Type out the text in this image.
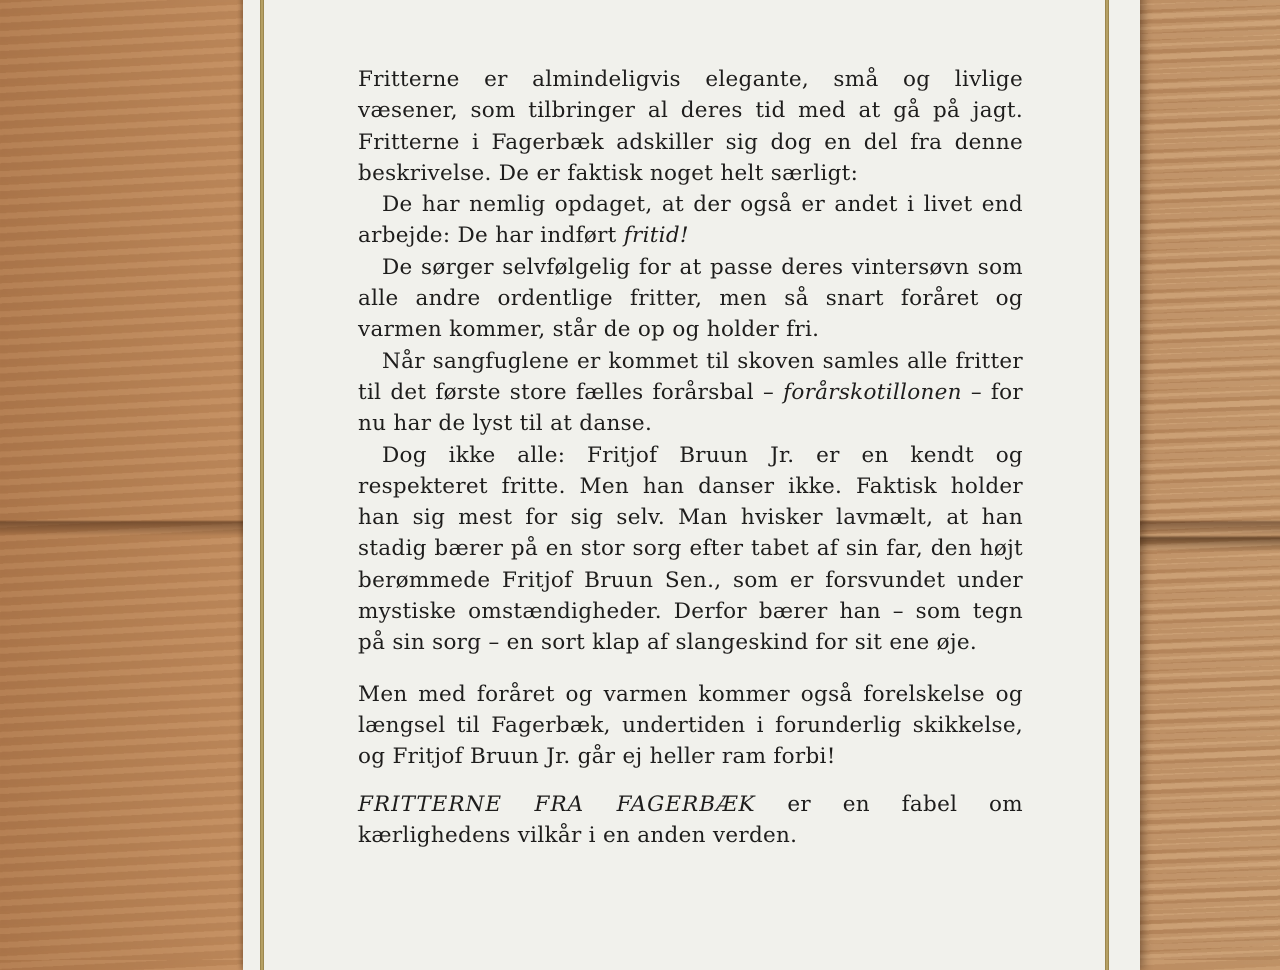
Fritterne er almindeligvis elegante, små og livlige væsener, som tilbringer al deres tid med at gå på jagt. Fritterne i Fagerbæk adskiller sig dog en del fra denne beskrivelse. De er faktisk noget helt særligt:

De har nemlig opdaget, at der også er andet i livet end arbejde: De har indført fritid!

De sørger selvfølgelig for at passe deres vintersøvn som alle andre ordentlige fritter, men så snart foråret og varmen kommer, står de op og holder fri.

Når sangfuglene er kommet til skoven samles alle fritter til det første store fælles forårsbal – forårskotillonen – for nu har de lyst til at danse.

Dog ikke alle: Fritjof Bruun Jr. er en kendt og respekteret fritte. Men han danser ikke. Faktisk holder han sig mest for sig selv. Man hvisker lavmælt, at han stadig bærer på en stor sorg efter tabet af sin far, den højt berømmede Fritjof Bruun Sen., som er forsvundet under mystiske omstændigheder. Derfor bærer han – som tegn på sin sorg – en sort klap af slangeskind for sit ene øje.

Men med foråret og varmen kommer også forelskelse og længsel til Fagerbæk, undertiden i forunderlig skikkelse, og Fritjof Bruun Jr. går ej heller ram forbi!

FRITTERNE FRA FAGERBÆK er en fabel om kærlighedens vilkår i en anden verden.
